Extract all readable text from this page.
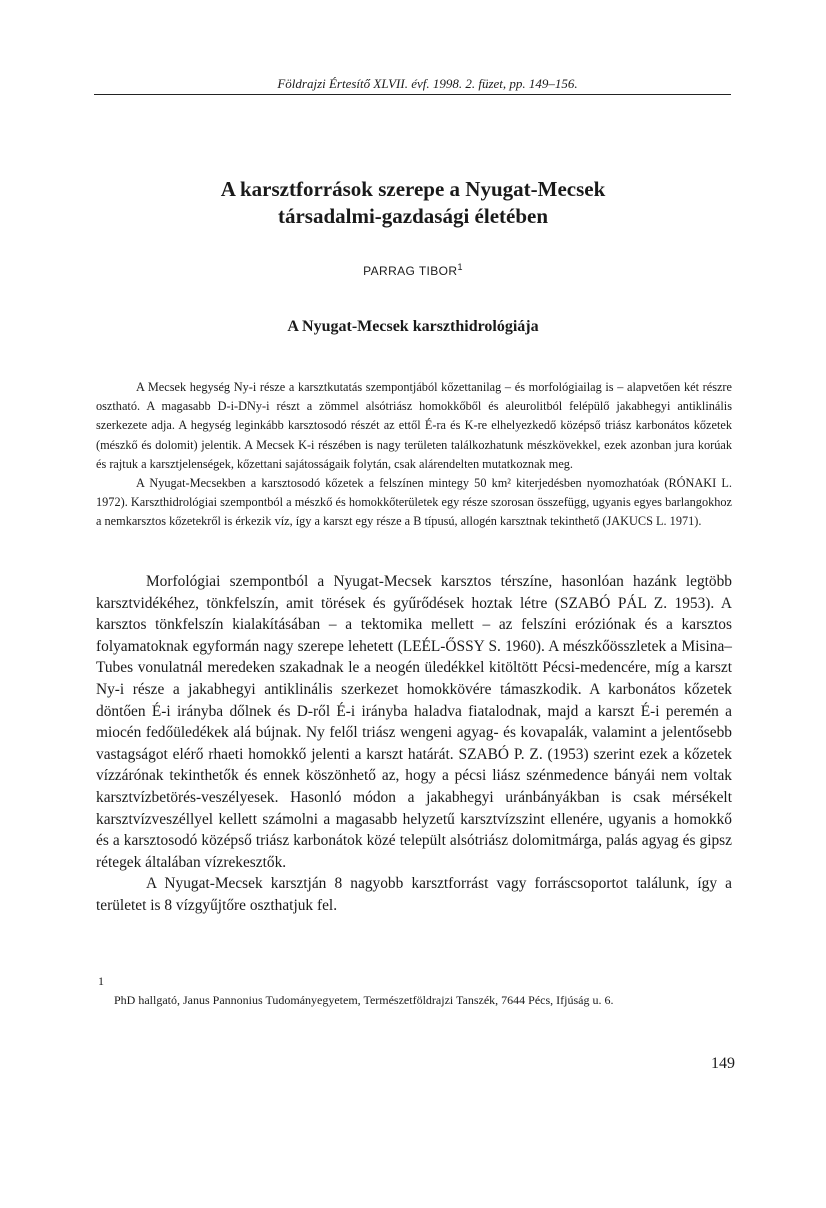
Földrajzi Értesítő XLVII. évf. 1998. 2. füzet, pp. 149–156.
A karsztforrások szerepe a Nyugat-Mecsek
társadalmi-gazdasági életében
PARRAG TIBOR$^1$
A Nyugat-Mecsek karszthidrológiája

A Mecsek hegység Ny-i része a karsztkutatás szempontjából kőzettanilag – és morfológiailag is – alapvetően két részre osztható. A magasabb D-i-DNy-i részt a zömmel alsótriász homokkőből és aleurolitból felépülő jakabhegyi antiklinális szerkezete adja. A hegység leginkább karsztosodó részét az ettől É-ra és K-re elhelyezkedő középső triász karbonátos kőzetek (mészkő és dolomit) jelentik. A Mecsek K-i részében is nagy területen találkozhatunk mészkövekkel, ezek azonban jura korúak és rajtuk a karsztjelenségek, kőzettani sajátosságaik folytán, csak alárendelten mutatkoznak meg.

A Nyugat-Mecsekben a karsztosodó kőzetek a felszínen mintegy 50 km² kiterjedésben nyomozhatóak (RÓNAKI L. 1972). Karszthidrológiai szempontból a mészkő és homokkőterületek egy része szorosan összefügg, ugyanis egyes barlangokhoz a nemkarsztos kőzetekről is érkezik víz, így a karszt egy része a B típusú, allogén karsztnak tekinthető (JAKUCS L. 1971).

Morfológiai szempontból a Nyugat-Mecsek karsztos térszíne, hasonlóan hazánk legtöbb karsztvidékéhez, tönkfelszín, amit törések és gyűrődések hoztak létre (SZABÓ PÁL Z. 1953). A karsztos tönkfelszín kialakításában – a tektomika mellett – az felszíni eróziónak és a karsztos folyamatoknak egyformán nagy szerepe lehetett (LEÉL-ŐSSY S. 1960). A mészkőösszletek a Misina–Tubes vonulatnál meredeken szakadnak le a neogén üledékkel kitöltött Pécsi-medencére, míg a karszt Ny-i része a jakabhegyi antiklinális szerkezet homokkövére támaszkodik. A karbonátos kőzetek döntően É-i irányba dőlnek és D-ről É-i irányba haladva fiatalodnak, majd a karszt É-i peremén a miocén fedőüledékek alá bújnak. Ny felől triász wengeni agyag- és kovapalák, valamint a jelentősebb vastagságot elérő rhaeti homokkő jelenti a karszt határát. SZABÓ P. Z. (1953) szerint ezek a kőzetek vízzárónak tekinthetők és ennek köszönhető az, hogy a pécsi liász szénmedence bányái nem voltak karsztvízbetörés-veszélyesek. Hasonló módon a jakabhegyi uránbányákban is csak mérsékelt karsztvízveszéllyel kellett számolni a magasabb helyzetű karsztvízszint ellenére, ugyanis a homokkő és a karsztosodó középső triász karbonátok közé települt alsótriász dolomitmárga, palás agyag és gipsz rétegek általában vízrekesztők.

A Nyugat-Mecsek karsztján 8 nagyobb karsztforrást vagy forráscsoportot találunk, így a területet is 8 vízgyűjtőre oszthatjuk fel.

1
PhD hallgató, Janus Pannonius Tudományegyetem, Természetföldrajzi Tanszék, 7644 Pécs, Ifjúság u. 6.
149
